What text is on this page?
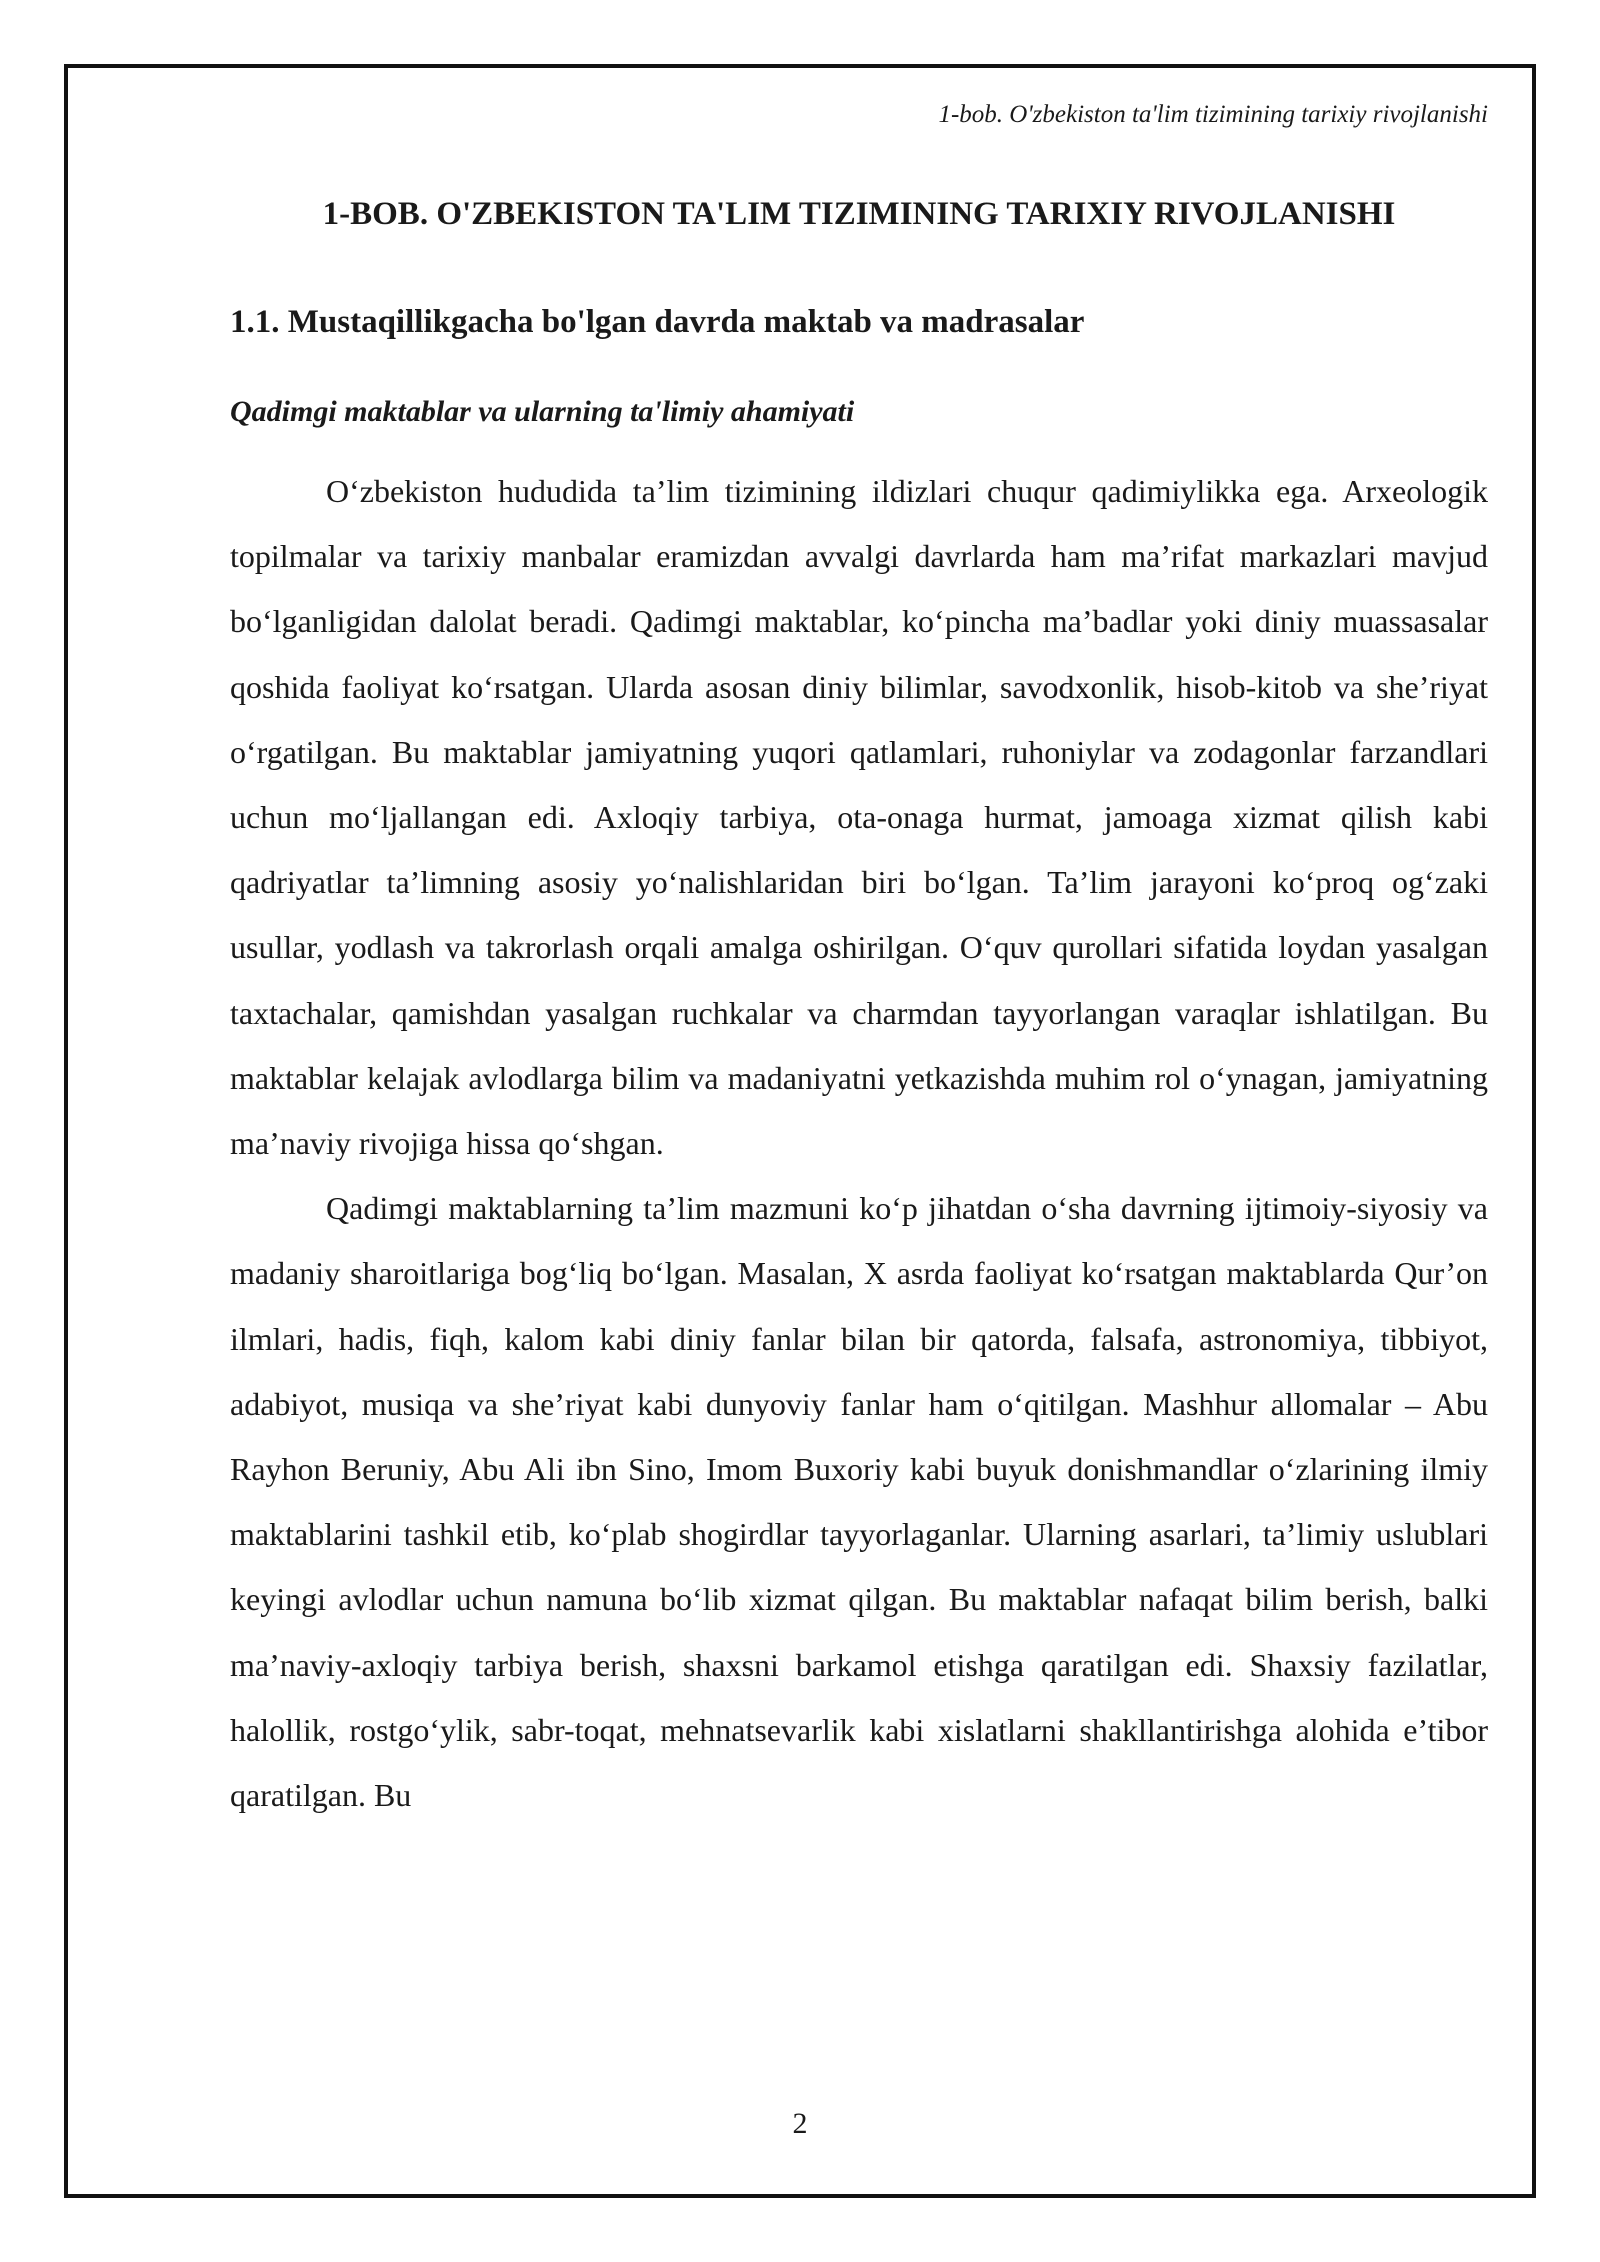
1-bob. O'zbekiston ta'lim tizimining tarixiy rivojlanishi
1-BOB. O'ZBEKISTON TA'LIM TIZIMINING TARIXIY RIVOJLANISHI
1.1. Mustaqillikgacha bo'lgan davrda maktab va madrasalar
Qadimgi maktablar va ularning ta'limiy ahamiyati

O‘zbekiston hududida ta’lim tizimining ildizlari chuqur qadimiylikka ega. Arxeologik topilmalar va tarixiy manbalar eramizdan avvalgi davrlarda ham ma’rifat markazlari mavjud bo‘lganligidan dalolat beradi. Qadimgi maktablar, ko‘pincha ma’badlar yoki diniy muassasalar qoshida faoliyat ko‘rsatgan. Ularda asosan diniy bilimlar, savodxonlik, hisob-kitob va she’riyat o‘rgatilgan. Bu maktablar jamiyatning yuqori qatlamlari, ruhoniylar va zodagonlar farzandlari uchun mo‘ljallangan edi. Axloqiy tarbiya, ota-onaga hurmat, jamoaga xizmat qilish kabi qadriyatlar ta’limning asosiy yo‘nalishlaridan biri bo‘lgan. Ta’lim jarayoni ko‘proq og‘zaki usullar, yodlash va takrorlash orqali amalga oshirilgan. O‘quv qurollari sifatida loydan yasalgan taxtachalar, qamishdan yasalgan ruchkalar va charmdan tayyorlangan varaqlar ishlatilgan. Bu maktablar kelajak avlodlarga bilim va madaniyatni yetkazishda muhim rol o‘ynagan, jamiyatning ma’naviy rivojiga hissa qo‘shgan.

Qadimgi maktablarning ta’lim mazmuni ko‘p jihatdan o‘sha davrning ijtimoiy-siyosiy va madaniy sharoitlariga bog‘liq bo‘lgan. Masalan, X asrda faoliyat ko‘rsatgan maktablarda Qur’on ilmlari, hadis, fiqh, kalom kabi diniy fanlar bilan bir qatorda, falsafa, astronomiya, tibbiyot, adabiyot, musiqa va she’riyat kabi dunyoviy fanlar ham o‘qitilgan. Mashhur allomalar – Abu Rayhon Beruniy, Abu Ali ibn Sino, Imom Buxoriy kabi buyuk donishmandlar o‘zlarining ilmiy maktablarini tashkil etib, ko‘plab shogirdlar tayyorlaganlar. Ularning asarlari, ta’limiy uslublari keyingi avlodlar uchun namuna bo‘lib xizmat qilgan. Bu maktablar nafaqat bilim berish, balki ma’naviy-axloqiy tarbiya berish, shaxsni barkamol etishga qaratilgan edi. Shaxsiy fazilatlar, halollik, rostgo‘ylik, sabr-toqat, mehnatsevarlik kabi xislatlarni shakllantirishga alohida e’tibor qaratilgan. Bu

2
